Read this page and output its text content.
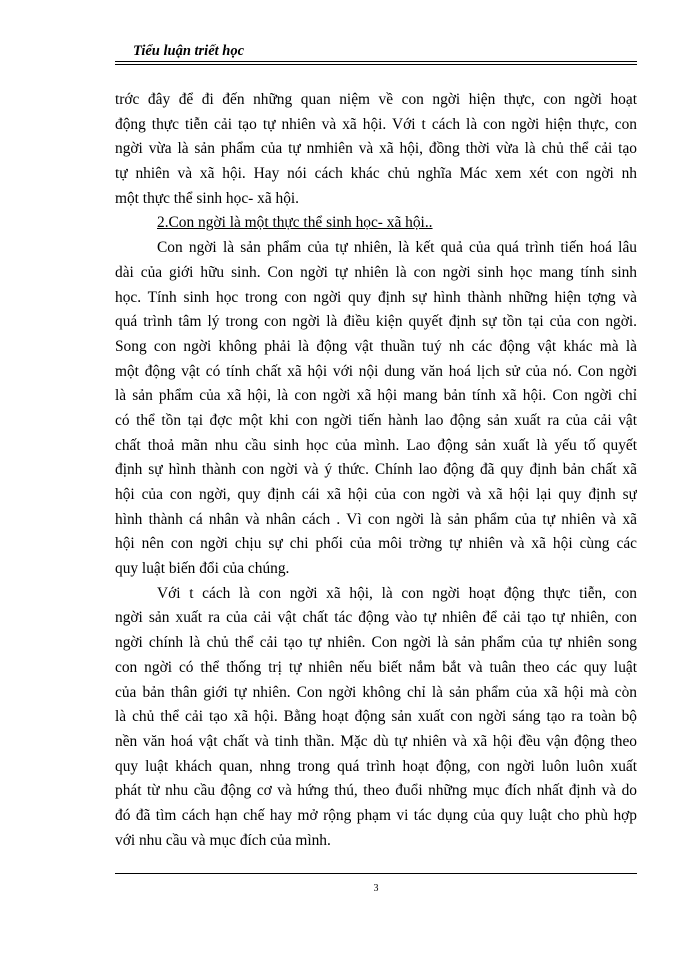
Tiểu luận triết học
trớc đây để đi đến những quan niệm về con ngời hiện thực, con ngời hoạt
động thực tiễn cải tạo tự nhiên và xã hội. Với t cách là con ngời hiện thực, con
ngời vừa là sản phẩm của tự nmhiên và xã hội, đồng thời vừa là chủ thể cải tạo
tự nhiên và xã hội. Hay nói cách khác chủ nghĩa Mác xem xét con ngời nh
một thực thể sinh học- xã hội.
2.Con ngời là một thực thể sinh học- xã hội..
Con ngời là sản phẩm của tự nhiên, là kết quả của quá trình tiến hoá lâu
dài của giới hữu sinh. Con ngời tự nhiên là con ngời sinh học mang tính sinh
học. Tính sinh học trong con ngời quy định sự hình thành những hiện tợng và
quá trình tâm lý trong con ngời là điều kiện quyết định sự tồn tại của con ngời.
Song con ngời không phải là động vật thuần tuý nh các động vật khác mà là
một động vật có tính chất xã hội với nội dung văn hoá lịch sử của nó. Con ngời
là sản phẩm của xã hội, là con ngời xã hội mang bản tính xã hội. Con ngời chỉ
có thể tồn tại đợc một khi con ngời tiến hành lao động sản xuất ra của cải vật
chất thoả mãn nhu cầu sinh học của mình. Lao động sản xuất là yếu tố quyết
định sự hình thành con ngời và ý thức. Chính lao động đã quy định bản chất xã
hội của con ngời, quy định cái xã hội của con ngời và xã hội lại quy định sự
hình thành cá nhân và nhân cách . Vì con ngời là sản phẩm của tự nhiên và xã
hội nên con ngời chịu sự chi phối của môi trờng tự nhiên và xã hội cùng các
quy luật biến đổi của chúng.
Với t cách là con ngời xã hội, là con ngời hoạt động thực tiễn, con
ngời sản xuất ra của cải vật chất tác động vào tự nhiên để cải tạo tự nhiên, con
ngời chính là chủ thể cải tạo tự nhiên. Con ngời là sản phẩm của tự nhiên song
con ngời có thể thống trị tự nhiên nếu biết nắm bắt và tuân theo các quy luật
của bản thân giới tự nhiên. Con ngời không chỉ là sản phẩm của xã hội mà còn
là chủ thể cải tạo xã hội. Bằng hoạt động sản xuất con ngời sáng tạo ra toàn bộ
nền văn hoá vật chất và tinh thần. Mặc dù tự nhiên và xã hội đều vận động theo
quy luật khách quan, nhng trong quá trình hoạt động, con ngời luôn luôn xuất
phát từ nhu cầu động cơ và hứng thú, theo đuổi những mục đích nhất định và do
đó đã tìm cách hạn chế hay mở rộng phạm vi tác dụng của quy luật cho phù hợp
với nhu cầu và mục đích của mình.
3
